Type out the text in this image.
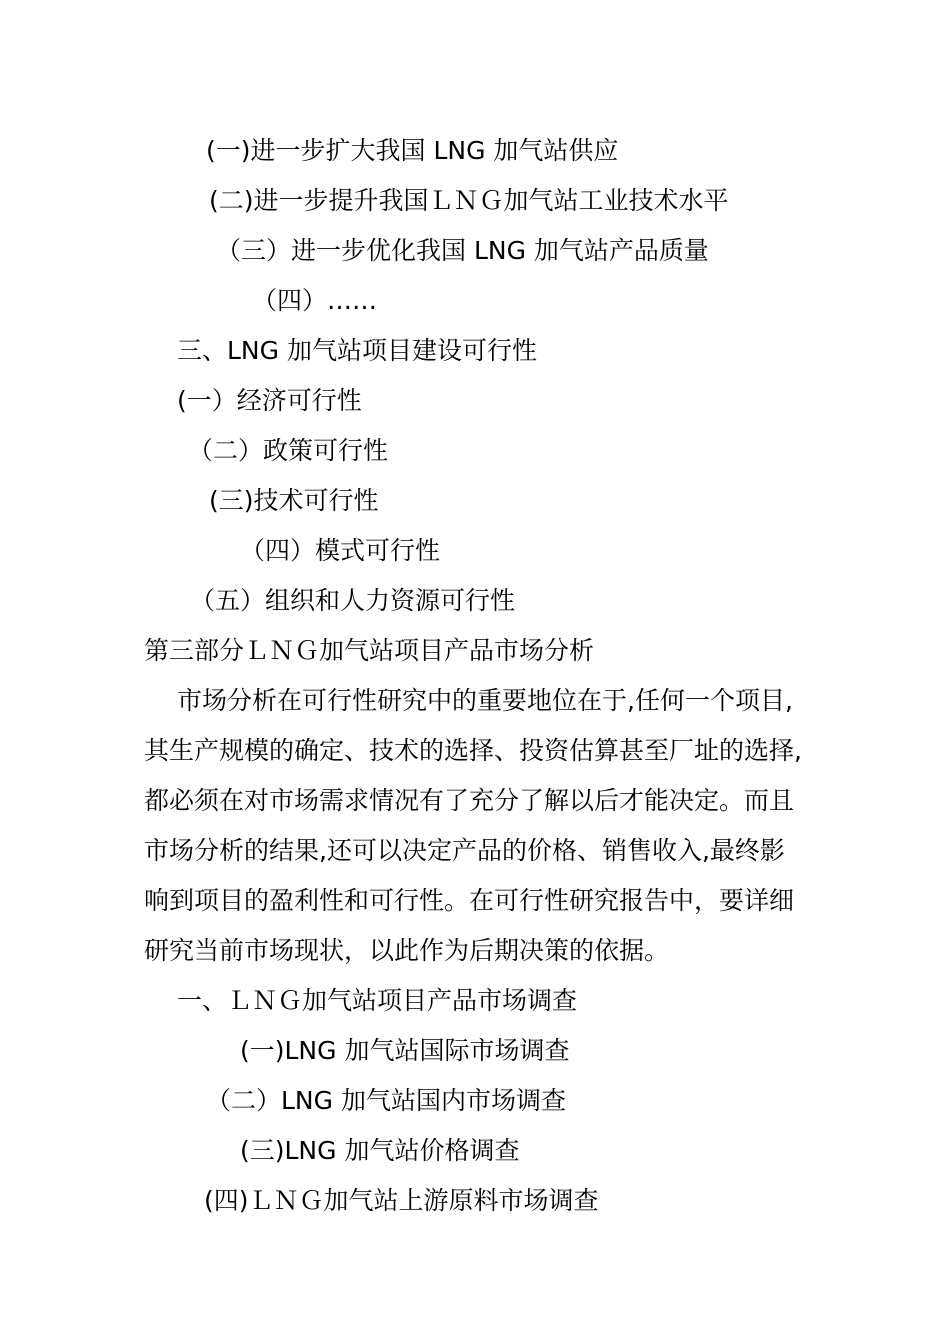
(一)进一步扩大我国 LNG 加气站供应

(二)进一步提升我国ＬＮＧ加气站工业技术水平

（三）进一步优化我国 LNG 加气站产品质量

（四）……

三、LNG 加气站项目建设可行性

(一）经济可行性

（二）政策可行性

(三)技术可行性

（四）模式可行性

（五）组织和人力资源可行性

第三部分ＬＮＧ加气站项目产品市场分析

市场分析在可行性研究中的重要地位在于,任何一个项目,

其生产规模的确定、技术的选择、投资估算甚至厂址的选择,

都必须在对市场需求情况有了充分了解以后才能决定。而且

市场分析的结果,还可以决定产品的价格、销售收入,最终影

响到项目的盈利性和可行性。在可行性研究报告中，要详细

研究当前市场现状，以此作为后期决策的依据。

一、ＬＮＧ加气站项目产品市场调查

(一)LNG 加气站国际市场调查

（二）LNG 加气站国内市场调查

(三)LNG 加气站价格调查

(四)ＬＮＧ加气站上游原料市场调查
